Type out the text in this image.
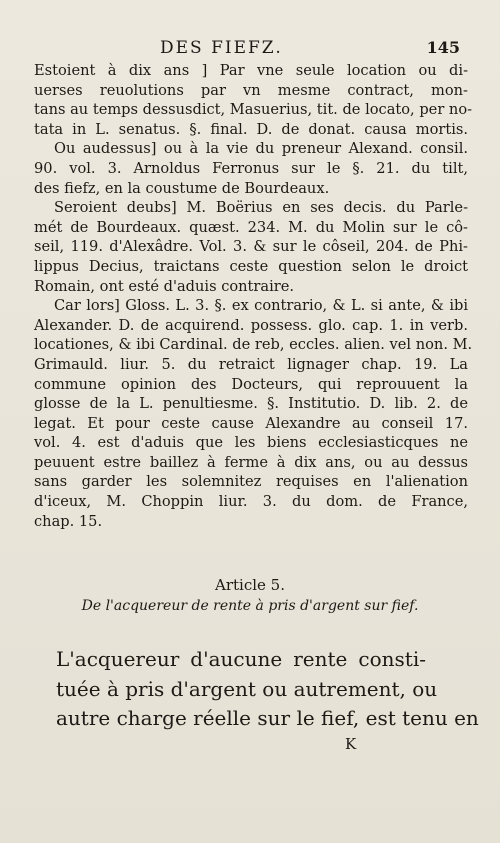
DES FIEFZ.	145
Estoient à dix ans ] Par vne seule location ou di-
uerses reuolutions par vn mesme contract, mon-
tans au temps dessusdict, Masuerius, tit. de locato, per no-
tata in L. senatus. §. final. D. de donat. causa mortis.
Ou audessus] ou à la vie du preneur Alexand. consil.
90. vol. 3. Arnoldus Ferronus sur le §. 21. du tilt,
des fiefz, en la coustume de Bourdeaux.
Seroient deubs] M. Boërius en ses decis. du Parle-
mét de Bourdeaux. quæst. 234. M. du Molin sur le cô-
seil, 119. d'Alexâdre. Vol. 3. & sur le côseil, 204. de Phi-
lippus Decius, traictans ceste question selon le droict
Romain, ont esté d'aduis contraire.
Car lors] Gloss. L. 3. §. ex contrario, & L. si ante, & ibi
Alexander. D. de acquirend. possess. glo. cap. 1. in verb.
locationes, & ibi Cardinal. de reb, eccles. alien. vel non. M.
Grimauld. liur. 5. du retraict lignager chap. 19. La
commune opinion des Docteurs, qui reprouuent la
glosse de la L. penultiesme. §. Institutio. D. lib. 2. de
legat. Et pour ceste cause Alexandre au conseil 17.
vol. 4. est d'aduis que les biens ecclesiasticques ne
peuuent estre baillez à ferme à dix ans, ou au dessus
sans garder les solemnitez requises en l'alienation
d'iceux, M. Choppin liur. 3. du dom. de France,
chap. 15.
Article 5.
De l'acquereur de rente à pris d'argent sur fief.
L'acquereur d'aucune rente consti-
tuée à pris d'argent ou autrement, ou
autre charge réelle sur le fief, est tenu en
K
